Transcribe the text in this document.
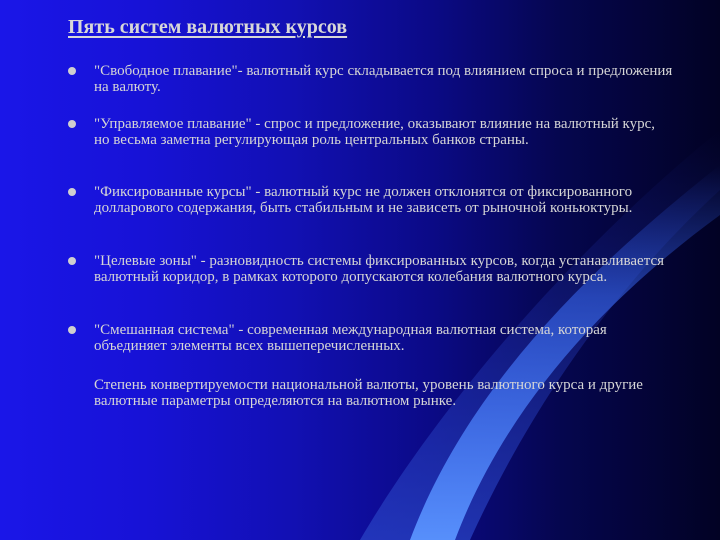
Пять систем валютных курсов
"Свободное плавание"- валютный курс складывается под влиянием спроса и предложения на валюту.
"Управляемое плавание" - спрос и предложение, оказывают влияние на валютный курс, но весьма заметна регулирующая роль центральных банков страны.
"Фиксированные курсы" - валютный курс не должен отклонятся от фиксированного долларового содержания, быть стабильным и не зависеть от рыночной коньюктуры.
"Целевые зоны" - разновидность системы фиксированных курсов, когда устанавливается валютный коридор, в рамках которого допускаются колебания валютного курса.
"Смешанная система" - современная международная валютная система, которая объединяет элементы всех вышеперечисленных.
Степень конвертируемости национальной валюты, уровень валютного курса и другие валютные параметры определяются на валютном рынке.
